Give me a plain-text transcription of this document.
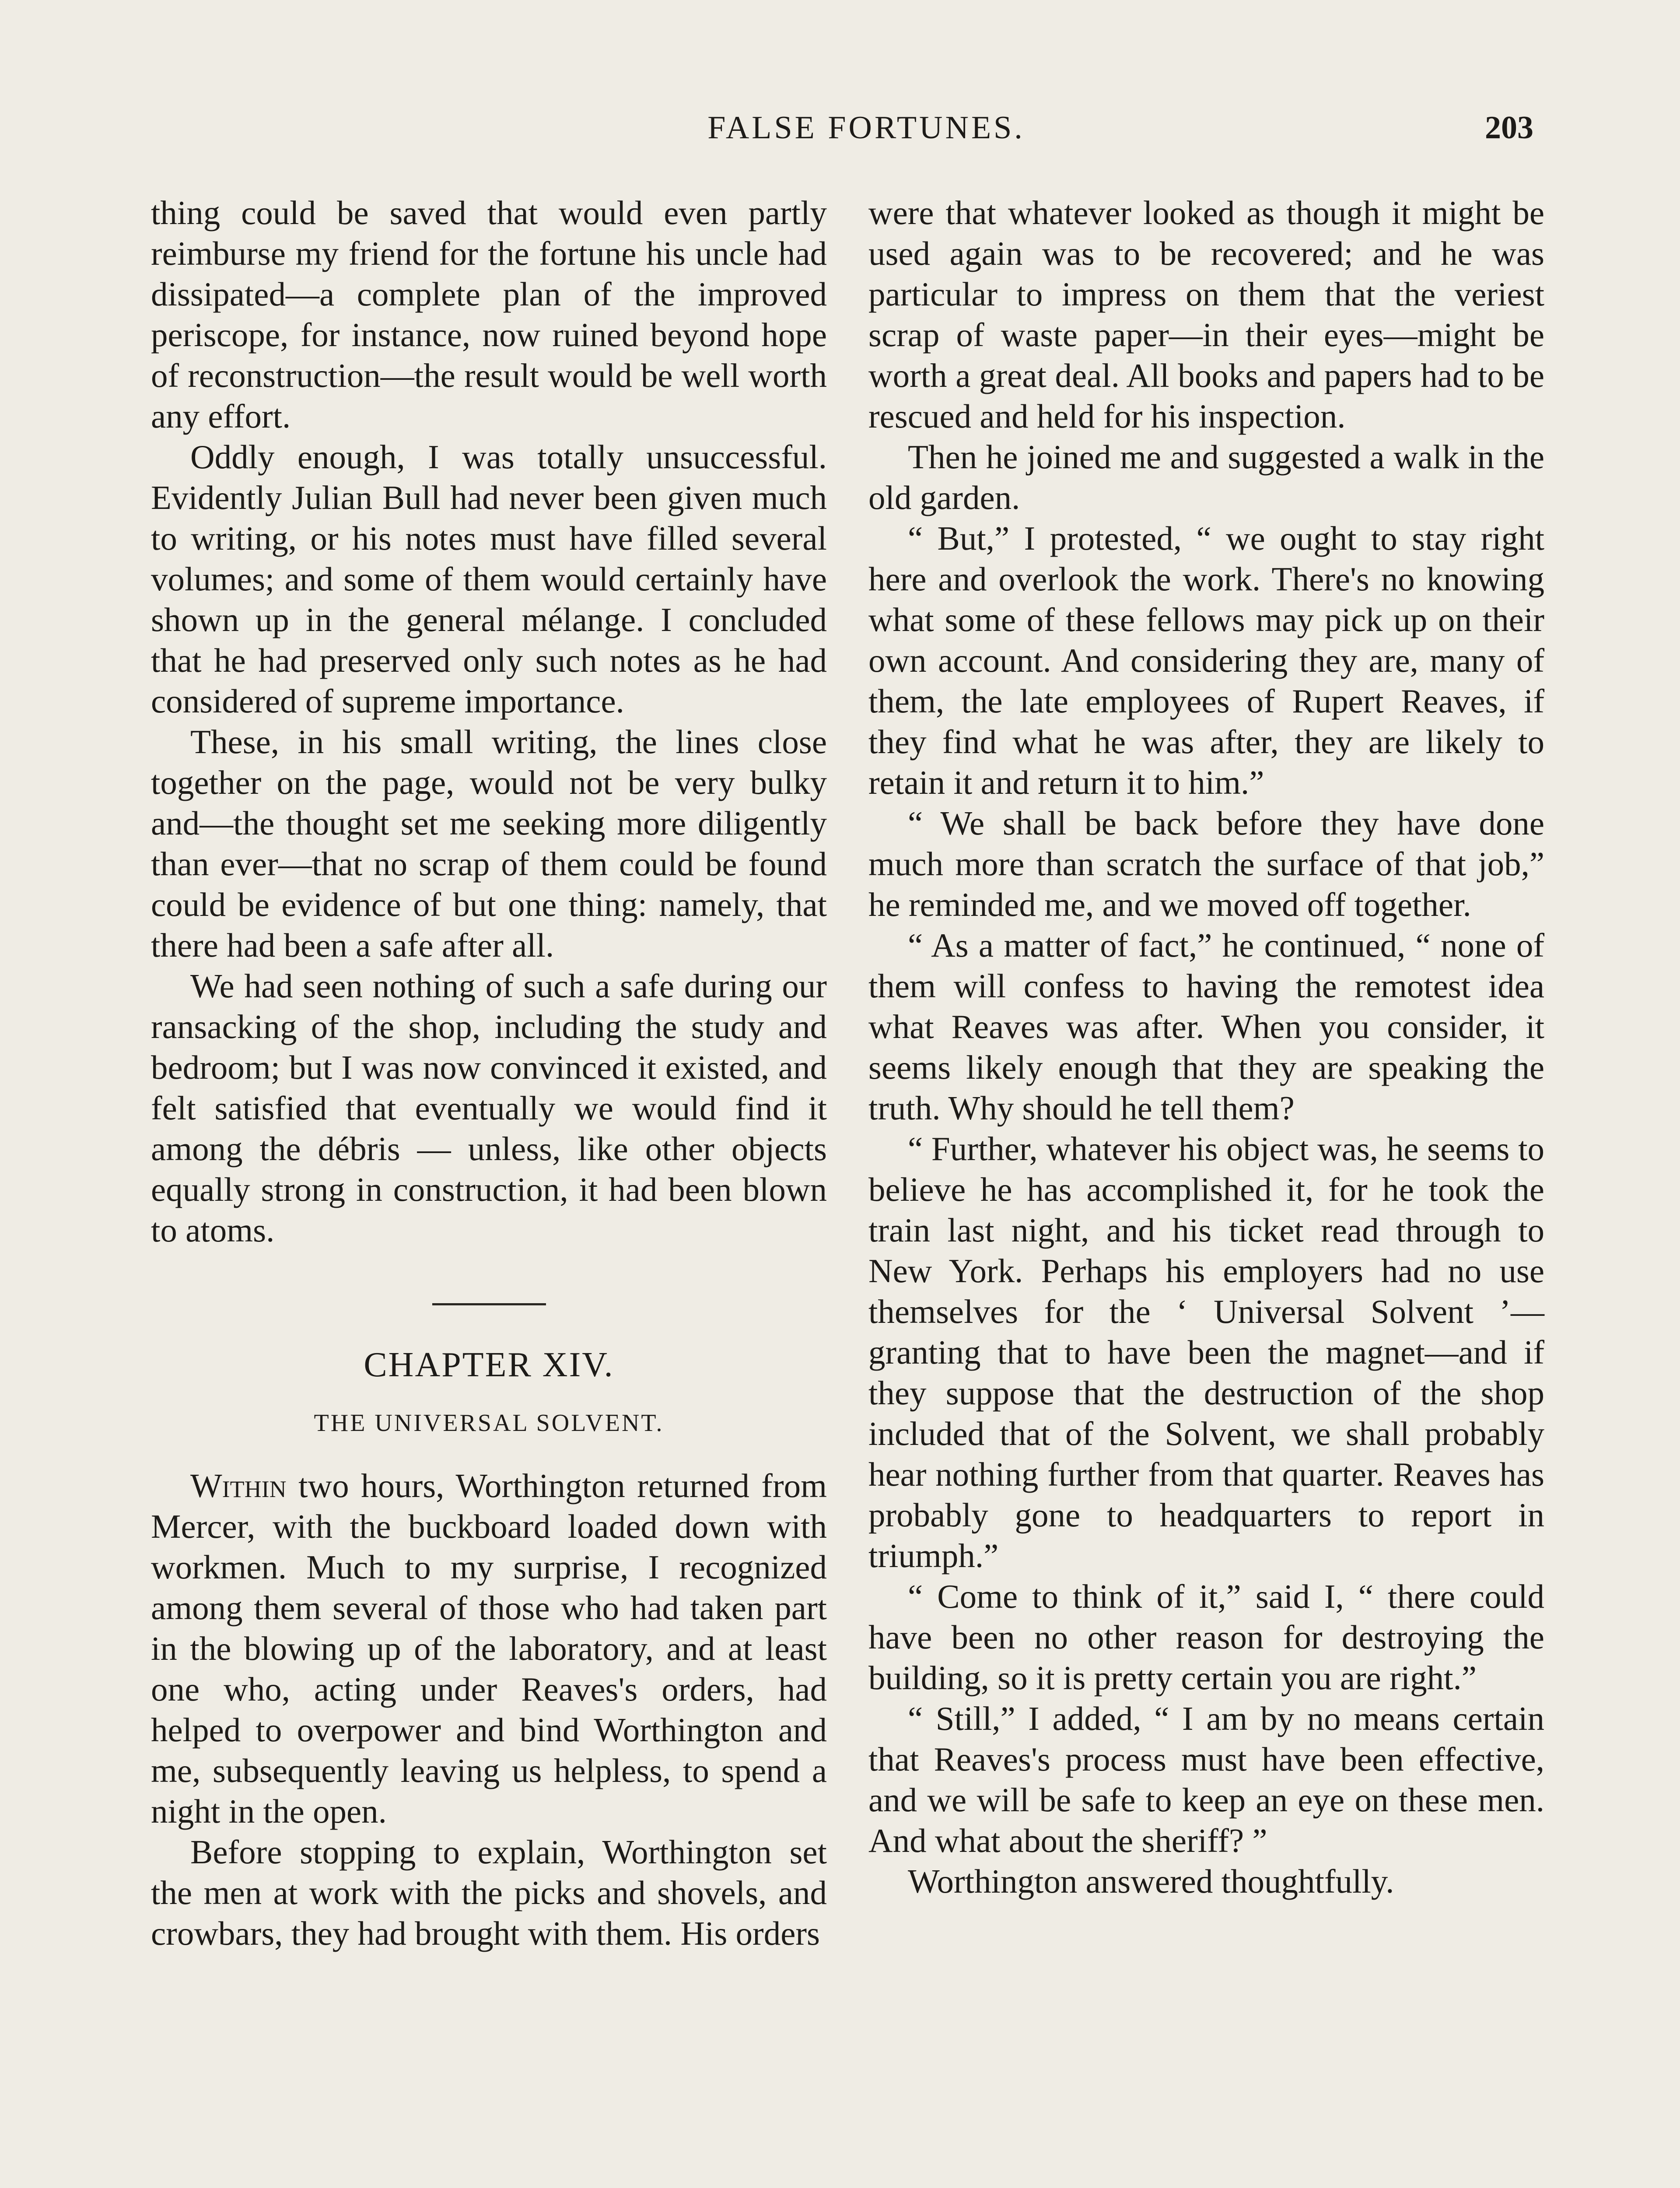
FALSE FORTUNES.	203

thing could be saved that would even partly reimburse my friend for the fortune his uncle had dissipated—a complete plan of the improved periscope, for instance, now ruined beyond hope of reconstruction—the result would be well worth any effort.

Oddly enough, I was totally unsuccessful. Evidently Julian Bull had never been given much to writing, or his notes must have filled several volumes; and some of them would certainly have shown up in the general mélange. I concluded that he had preserved only such notes as he had considered of supreme importance.

These, in his small writing, the lines close together on the page, would not be very bulky and—the thought set me seeking more diligently than ever—that no scrap of them could be found could be evidence of but one thing: namely, that there had been a safe after all.

We had seen nothing of such a safe during our ransacking of the shop, including the study and bedroom; but I was now convinced it existed, and felt satisfied that eventually we would find it among the débris — unless, like other objects equally strong in construction, it had been blown to atoms.

CHAPTER XIV.
THE UNIVERSAL SOLVENT.

Within two hours, Worthington returned from Mercer, with the buckboard loaded down with workmen. Much to my surprise, I recognized among them several of those who had taken part in the blowing up of the laboratory, and at least one who, acting under Reaves's orders, had helped to overpower and bind Worthington and me, subsequently leaving us helpless, to spend a night in the open.

Before stopping to explain, Worthington set the men at work with the picks and shovels, and crowbars, they had brought with them. His orders

were that whatever looked as though it might be used again was to be recovered; and he was particular to impress on them that the veriest scrap of waste paper—in their eyes—might be worth a great deal. All books and papers had to be rescued and held for his inspection.

Then he joined me and suggested a walk in the old garden.

“ But,” I protested, “ we ought to stay right here and overlook the work. There's no knowing what some of these fellows may pick up on their own account. And considering they are, many of them, the late employees of Rupert Reaves, if they find what he was after, they are likely to retain it and return it to him.”

“ We shall be back before they have done much more than scratch the surface of that job,” he reminded me, and we moved off together.

“ As a matter of fact,” he continued, “ none of them will confess to having the remotest idea what Reaves was after. When you consider, it seems likely enough that they are speaking the truth. Why should he tell them?

“ Further, whatever his object was, he seems to believe he has accomplished it, for he took the train last night, and his ticket read through to New York. Perhaps his employers had no use themselves for the ‘ Universal Solvent ’—granting that to have been the magnet—and if they suppose that the destruction of the shop included that of the Solvent, we shall probably hear nothing further from that quarter. Reaves has probably gone to headquarters to report in triumph.”

“ Come to think of it,” said I, “ there could have been no other reason for destroying the building, so it is pretty certain you are right.”

“ Still,” I added, “ I am by no means certain that Reaves's process must have been effective, and we will be safe to keep an eye on these men. And what about the sheriff? ”

Worthington answered thoughtfully.
